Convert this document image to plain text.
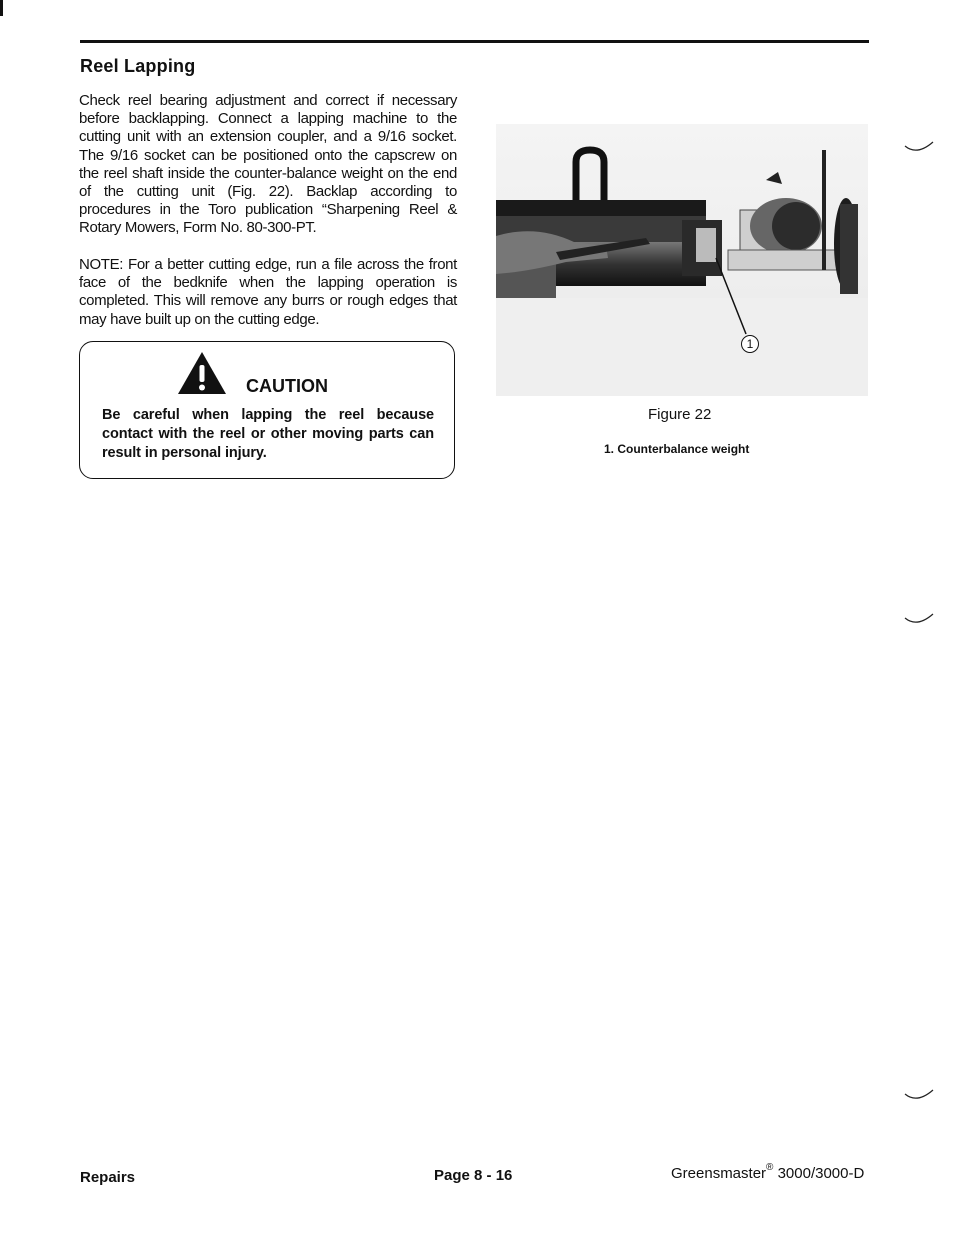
Reel Lapping

Check reel bearing adjustment and correct if necessary before backlapping. Connect a lapping machine to the cutting unit with an extension coupler, and a 9/16 socket. The 9/16 socket can be positioned onto the capscrew on the reel shaft inside the counter-balance weight on the end of the cutting unit (Fig. 22). Backlap according to procedures in the Toro publication “Sharpening Reel & Rotary Mowers, Form No. 80-300-PT.

NOTE: For a better cutting edge, run a file across the front face of the bedknife when the lapping operation is completed. This will remove any burrs or rough edges that may have built up on the cutting edge.

CAUTION

Be careful when lapping the reel because contact with the reel or other moving parts can result in personal injury.

1
Figure 22
1. Counterbalance weight
Repairs	Page 8 - 16	Greensmaster® 3000/3000-D
